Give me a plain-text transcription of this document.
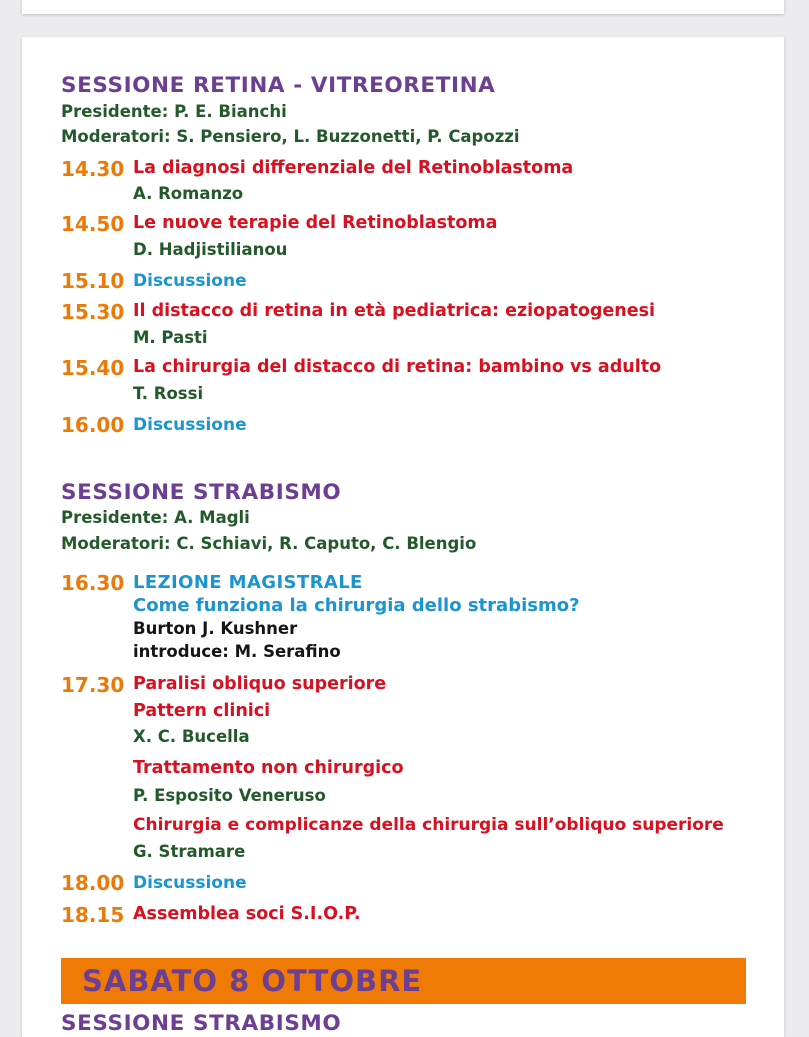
SESSIONE RETINA - VITREORETINA
Presidente: P. E. Bianchi
Moderatori: S. Pensiero, L. Buzzonetti, P. Capozzi
14.30 La diagnosi differenziale del Retinoblastoma
A. Romanzo
14.50 Le nuove terapie del Retinoblastoma
D. Hadjistilianou
15.10 Discussione
15.30 Il distacco di retina in età pediatrica: eziopatogenesi
M. Pasti
15.40 La chirurgia del distacco di retina: bambino vs adulto
T. Rossi
16.00 Discussione
SESSIONE STRABISMO
Presidente: A. Magli
Moderatori: C. Schiavi, R. Caputo, C. Blengio
16.30 LEZIONE MAGISTRALE
Come funziona la chirurgia dello strabismo?
Burton J. Kushner
introduce: M. Serafino
17.30 Paralisi obliquo superiore
Pattern clinici
X. C. Bucella
Trattamento non chirurgico
P. Esposito Veneruso
Chirurgia e complicanze della chirurgia sull’obliquo superiore
G. Stramare
18.00 Discussione
18.15 Assemblea soci S.I.O.P.
SABATO 8 OTTOBRE
SESSIONE STRABISMO
